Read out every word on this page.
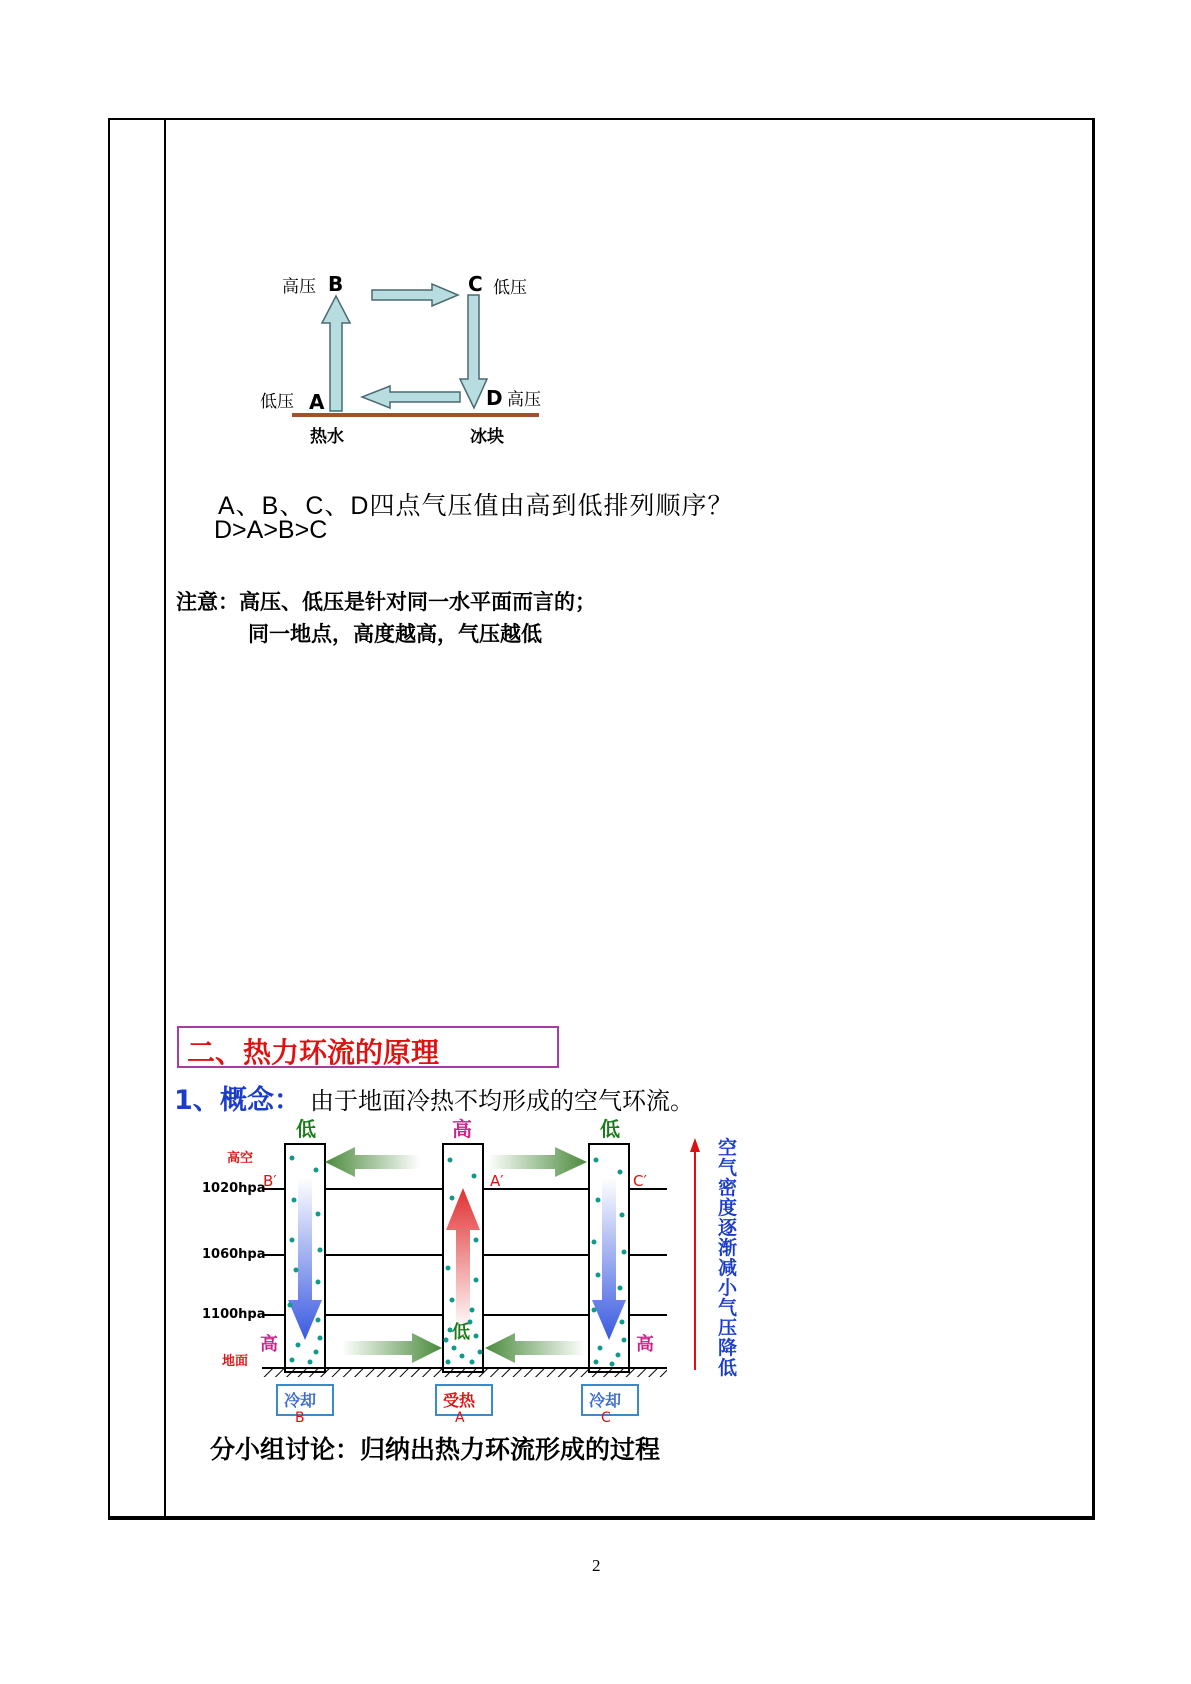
高压 B	C 低压
低压 A	D 高压
热水	冰块
A、B、C、D四点气压值由高到低排列顺序？
D>A>B>C
注意：高压、低压是针对同一水平面而言的；
同一地点，高度越高，气压越低
二、热力环流的原理
1、 概念： 由于地面冷热不均形成的空气环流。
低	高	低
高空
地面
1020hpa
1060hpa
1100hpa
B′	A′	C′
高
低
高
冷却	受热	冷却
B	A	C
空气密度逐渐减小气压降低
分小组讨论：归纳出热力环流形成的过程
2
